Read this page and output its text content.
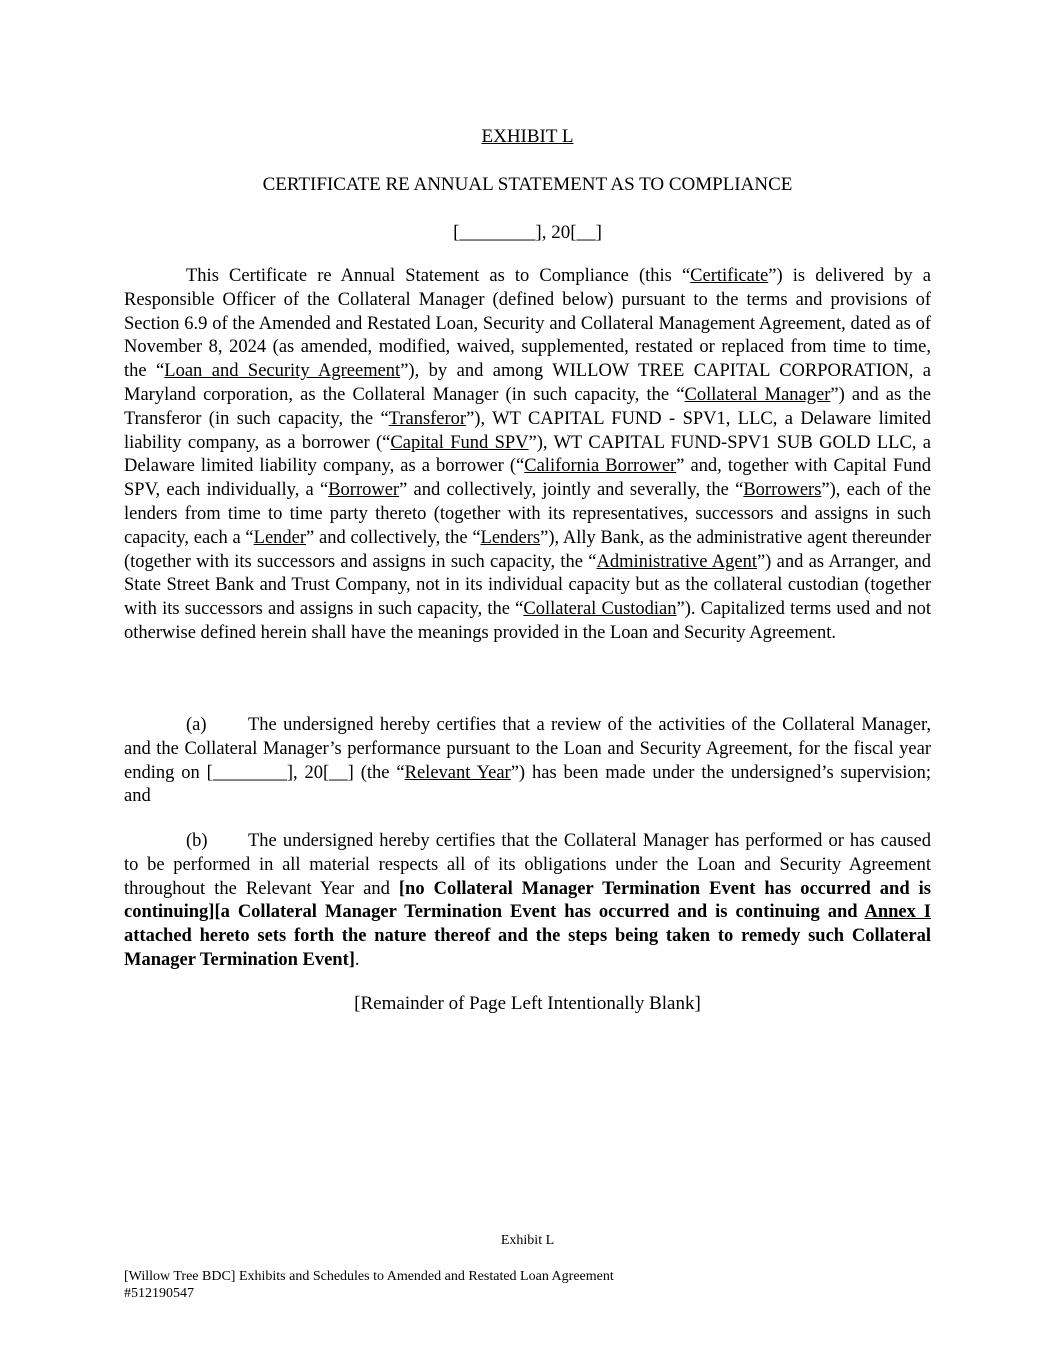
EXHIBIT L

CERTIFICATE RE ANNUAL STATEMENT AS TO COMPLIANCE

[________], 20[__]

This Certificate re Annual Statement as to Compliance (this “Certificate”) is delivered by a Responsible Officer of the Collateral Manager (defined below) pursuant to the terms and provisions of Section 6.9 of the Amended and Restated Loan, Security and Collateral Management Agreement, dated as of November 8, 2024 (as amended, modified, waived, supplemented, restated or replaced from time to time, the “Loan and Security Agreement”), by and among WILLOW TREE CAPITAL CORPORATION, a Maryland corporation, as the Collateral Manager (in such capacity, the “Collateral Manager”) and as the Transferor (in such capacity, the “Transferor”), WT CAPITAL FUND - SPV1, LLC, a Delaware limited liability company, as a borrower (“Capital Fund SPV”), WT CAPITAL FUND-SPV1 SUB GOLD LLC, a Delaware limited liability company, as a borrower (“California Borrower” and, together with Capital Fund SPV, each individually, a “Borrower” and collectively, jointly and severally, the “Borrowers”), each of the lenders from time to time party thereto (together with its representatives, successors and assigns in such capacity, each a “Lender” and collectively, the “Lenders”), Ally Bank, as the administrative agent thereunder (together with its successors and assigns in such capacity, the “Administrative Agent”) and as Arranger, and State Street Bank and Trust Company, not in its individual capacity but as the collateral custodian (together with its successors and assigns in such capacity, the “Collateral Custodian”). Capitalized terms used and not otherwise defined herein shall have the meanings provided in the Loan and Security Agreement.

(a) The undersigned hereby certifies that a review of the activities of the Collateral Manager, and the Collateral Manager’s performance pursuant to the Loan and Security Agreement, for the fiscal year ending on [________], 20[__] (the “Relevant Year”) has been made under the undersigned’s supervision; and

(b) The undersigned hereby certifies that the Collateral Manager has performed or has caused to be performed in all material respects all of its obligations under the Loan and Security Agreement throughout the Relevant Year and [no Collateral Manager Termination Event has occurred and is continuing][a Collateral Manager Termination Event has occurred and is continuing and Annex I attached hereto sets forth the nature thereof and the steps being taken to remedy such Collateral Manager Termination Event].

[Remainder of Page Left Intentionally Blank]

Exhibit L

[Willow Tree BDC] Exhibits and Schedules to Amended and Restated Loan Agreement

#512190547
